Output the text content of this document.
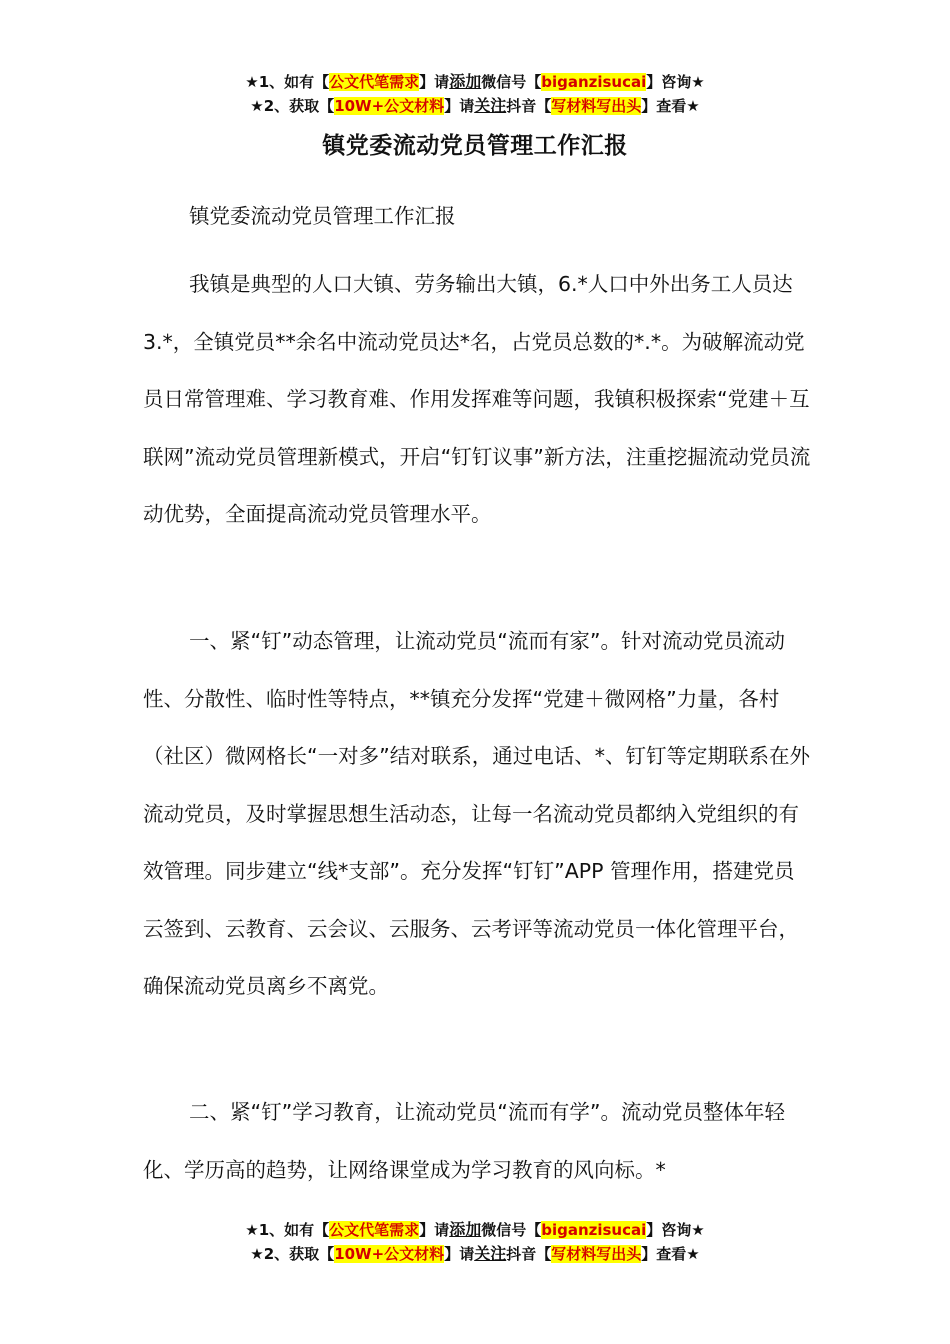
★1、如有【公文代笔需求】请添加微信号【biganzisucai】咨询★
★2、获取【10W+公文材料】请关注抖音【写材料写出头】查看★
镇党委流动党员管理工作汇报
镇党委流动党员管理工作汇报

我镇是典型的人口大镇、劳务输出大镇，6.*人口中外出务工人员达 3.*，全镇党员**余名中流动党员达*名，占党员总数的*.*。为破解流动党员日常管理难、学习教育难、作用发挥难等问题，我镇积极探索“党建＋互联网”流动党员管理新模式，开启“钉钉议事”新方法，注重挖掘流动党员流动优势，全面提高流动党员管理水平。

一、紧“钉”动态管理，让流动党员“流而有家”。针对流动党员流动性、分散性、临时性等特点，**镇充分发挥“党建＋微网格”力量，各村（社区）微网格长“一对多”结对联系，通过电话、*、钉钉等定期联系在外流动党员，及时掌握思想生活动态，让每一名流动党员都纳入党组织的有效管理。同步建立“线*支部”。充分发挥“钉钉”APP 管理作用，搭建党员云签到、云教育、云会议、云服务、云考评等流动党员一体化管理平台，确保流动党员离乡不离党。

二、紧“钉”学习教育，让流动党员“流而有学”。流动党员整体年轻化、学历高的趋势，让网络课堂成为学习教育的风向标。*

★1、如有【公文代笔需求】请添加微信号【biganzisucai】咨询★
★2、获取【10W+公文材料】请关注抖音【写材料写出头】查看★
